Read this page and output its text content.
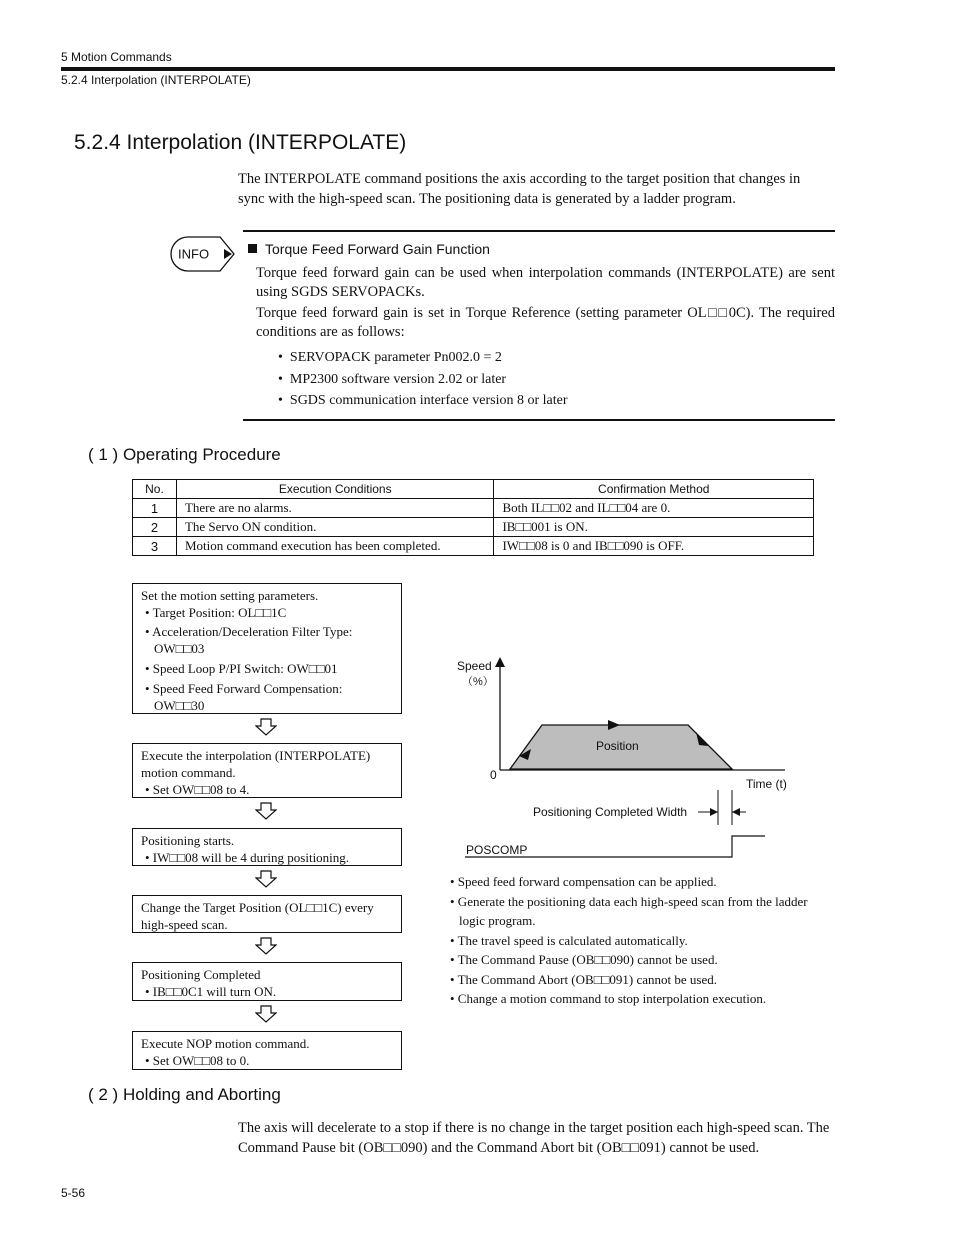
5 Motion Commands
5.2.4 Interpolation (INTERPOLATE)
5.2.4 Interpolation (INTERPOLATE)
The INTERPOLATE command positions the axis according to the target position that changes in sync with the high-speed scan. The positioning data is generated by a ladder program.
INFO	Torque Feed Forward Gain Function
Torque feed forward gain can be used when interpolation commands (INTERPOLATE) are sent using SGDS SERVOPACKs.
Torque feed forward gain is set in Torque Reference (setting parameter OL□□0C). The required conditions are as follows:
•  SERVOPACK parameter Pn002.0 = 2
•  MP2300 software version 2.02 or later
•  SGDS communication interface version 8 or later
( 1 ) Operating Procedure
No.	Execution Conditions	Confirmation Method
1	There are no alarms.	Both IL□□02 and IL□□04 are 0.
2	The Servo ON condition.	IB□□001 is ON.
3	Motion command execution has been completed.	IW□□08 is 0 and IB□□090 is OFF.
Set the motion setting parameters.
• Target Position: OL□□1C
• Acceleration/Deceleration Filter Type:
OW□□03
• Speed Loop P/PI Switch: OW□□01
• Speed Feed Forward Compensation:
OW□□30
Execute the interpolation (INTERPOLATE)
motion command.
• Set OW□□08 to 4.
Positioning starts.
• IW□□08 will be 4 during positioning.
Change the Target Position (OL□□1C) every
high-speed scan.
Positioning Completed
• IB□□0C1 will turn ON.
Execute NOP motion command.
• Set OW□□08 to 0.
Speed
（%）
0
Position
Time (t)
Positioning Completed Width
POSCOMP
• Speed feed forward compensation can be applied.
• Generate the positioning data each high-speed scan from the ladder
logic program.
• The travel speed is calculated automatically.
• The Command Pause (OB□□090) cannot be used.
• The Command Abort (OB□□091) cannot be used.
• Change a motion command to stop interpolation execution.
( 2 ) Holding and Aborting
The axis will decelerate to a stop if there is no change in the target position each high-speed scan. The Command Pause bit (OB□□090) and the Command Abort bit (OB□□091) cannot be used.
5-56
